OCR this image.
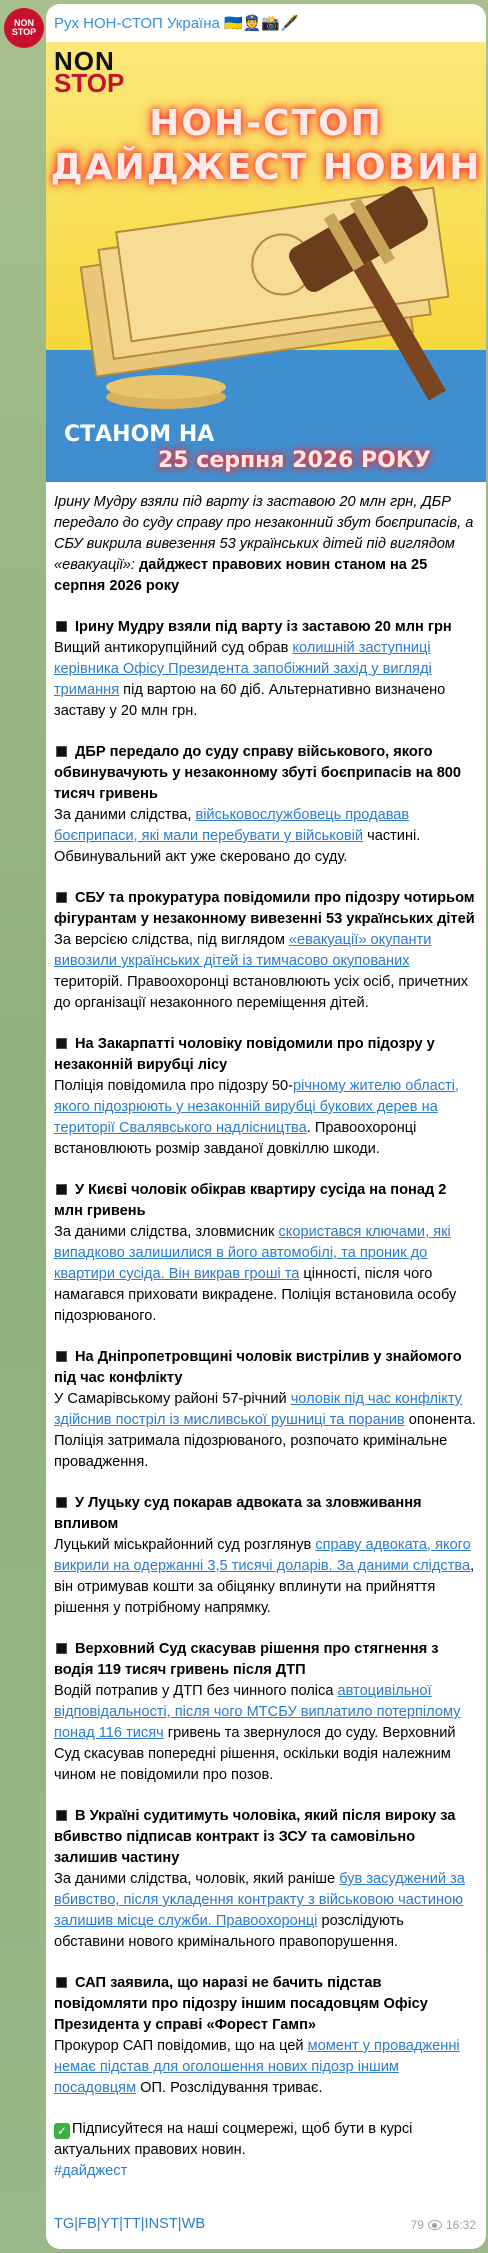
NON
STOP Рух НОН-СТОП Україна 🇺🇦👮📸🖋️
NON
STOP
НОН-СТОП
ДАЙДЖЕСТ НОВИН
СТАНОМ НА
25 серпня 2026 РОКУ

Ірину Мудру взяли під варту із заставою 20 млн грн, ДБР передало до суду справу про незаконний збут боєприпасів, а СБУ викрила вивезення 53 українських дітей під виглядом «евакуації»: дайджест правових новин станом на 25 серпня 2026 року

Ірину Мудру взяли під варту із заставою 20 млн грн

Вищий антикорупційний суд обрав колишній заступниці керівника Офісу Президента запобіжний захід у вигляді тримання під вартою на 60 діб. Альтернативно визначено заставу у 20 млн грн.

ДБР передало до суду справу військового, якого обвинувачують у незаконному збуті боєприпасів на 800 тисяч гривень

За даними слідства, військовослужбовець продавав боєприпаси, які мали перебувати у військовій частині. Обвинувальний акт уже скеровано до суду.

СБУ та прокуратура повідомили про підозру чотирьом фігурантам у незаконному вивезенні 53 українських дітей

За версією слідства, під виглядом «евакуації» окупанти вивозили українських дітей із тимчасово окупованих територій. Правоохоронці встановлюють усіх осіб, причетних до організації незаконного переміщення дітей.

На Закарпатті чоловіку повідомили про підозру у незаконній вирубці лісу

Поліція повідомила про підозру 50-річному жителю області, якого підозрюють у незаконній вирубці букових дерев на території Свалявського надлісництва. Правоохоронці встановлюють розмір завданої довкіллю шкоди.

У Києві чоловік обікрав квартиру сусіда на понад 2 млн гривень

За даними слідства, зловмисник скористався ключами, які випадково залишилися в його автомобілі, та проник до квартири сусіда. Він викрав гроші та цінності, після чого намагався приховати викрадене. Поліція встановила особу підозрюваного.

На Дніпропетровщині чоловік вистрілив у знайомого під час конфлікту

У Самарівському районі 57-річний чоловік під час конфлікту здійснив постріл із мисливської рушниці та поранив опонента. Поліція затримала підозрюваного, розпочато кримінальне провадження.

У Луцьку суд покарав адвоката за зловживання впливом

Луцький міськрайонний суд розглянув справу адвоката, якого викрили на одержанні 3,5 тисячі доларів. За даними слідства, він отримував кошти за обіцянку вплинути на прийняття рішення у потрібному напрямку.

Верховний Суд скасував рішення про стягнення з водія 119 тисяч гривень після ДТП

Водій потрапив у ДТП без чинного поліса автоцивільної відповідальності, після чого МТСБУ виплатило потерпілому понад 116 тисяч гривень та звернулося до суду. Верховний Суд скасував попередні рішення, оскільки водія належним чином не повідомили про позов.

В Україні судитимуть чоловіка, який після вироку за вбивство підписав контракт із ЗСУ та самовільно залишив частину

За даними слідства, чоловік, який раніше був засуджений за вбивство, після укладення контракту з військовою частиною залишив місце служби. Правоохоронці розслідують обставини нового кримінального правопорушення.

САП заявила, що наразі не бачить підстав повідомляти про підозру іншим посадовцям Офісу Президента у справі «Форест Гамп»

Прокурор САП повідомив, що на цей момент у провадженні немає підстав для оголошення нових підозр іншим посадовцям ОП. Розслідування триває.

✓ Підписуйтеся на наші соцмережі, щоб бути в курсі актуальних правових новин.

#дайджест

TG|FB|YT|TT|INST|WB	79 16:32
